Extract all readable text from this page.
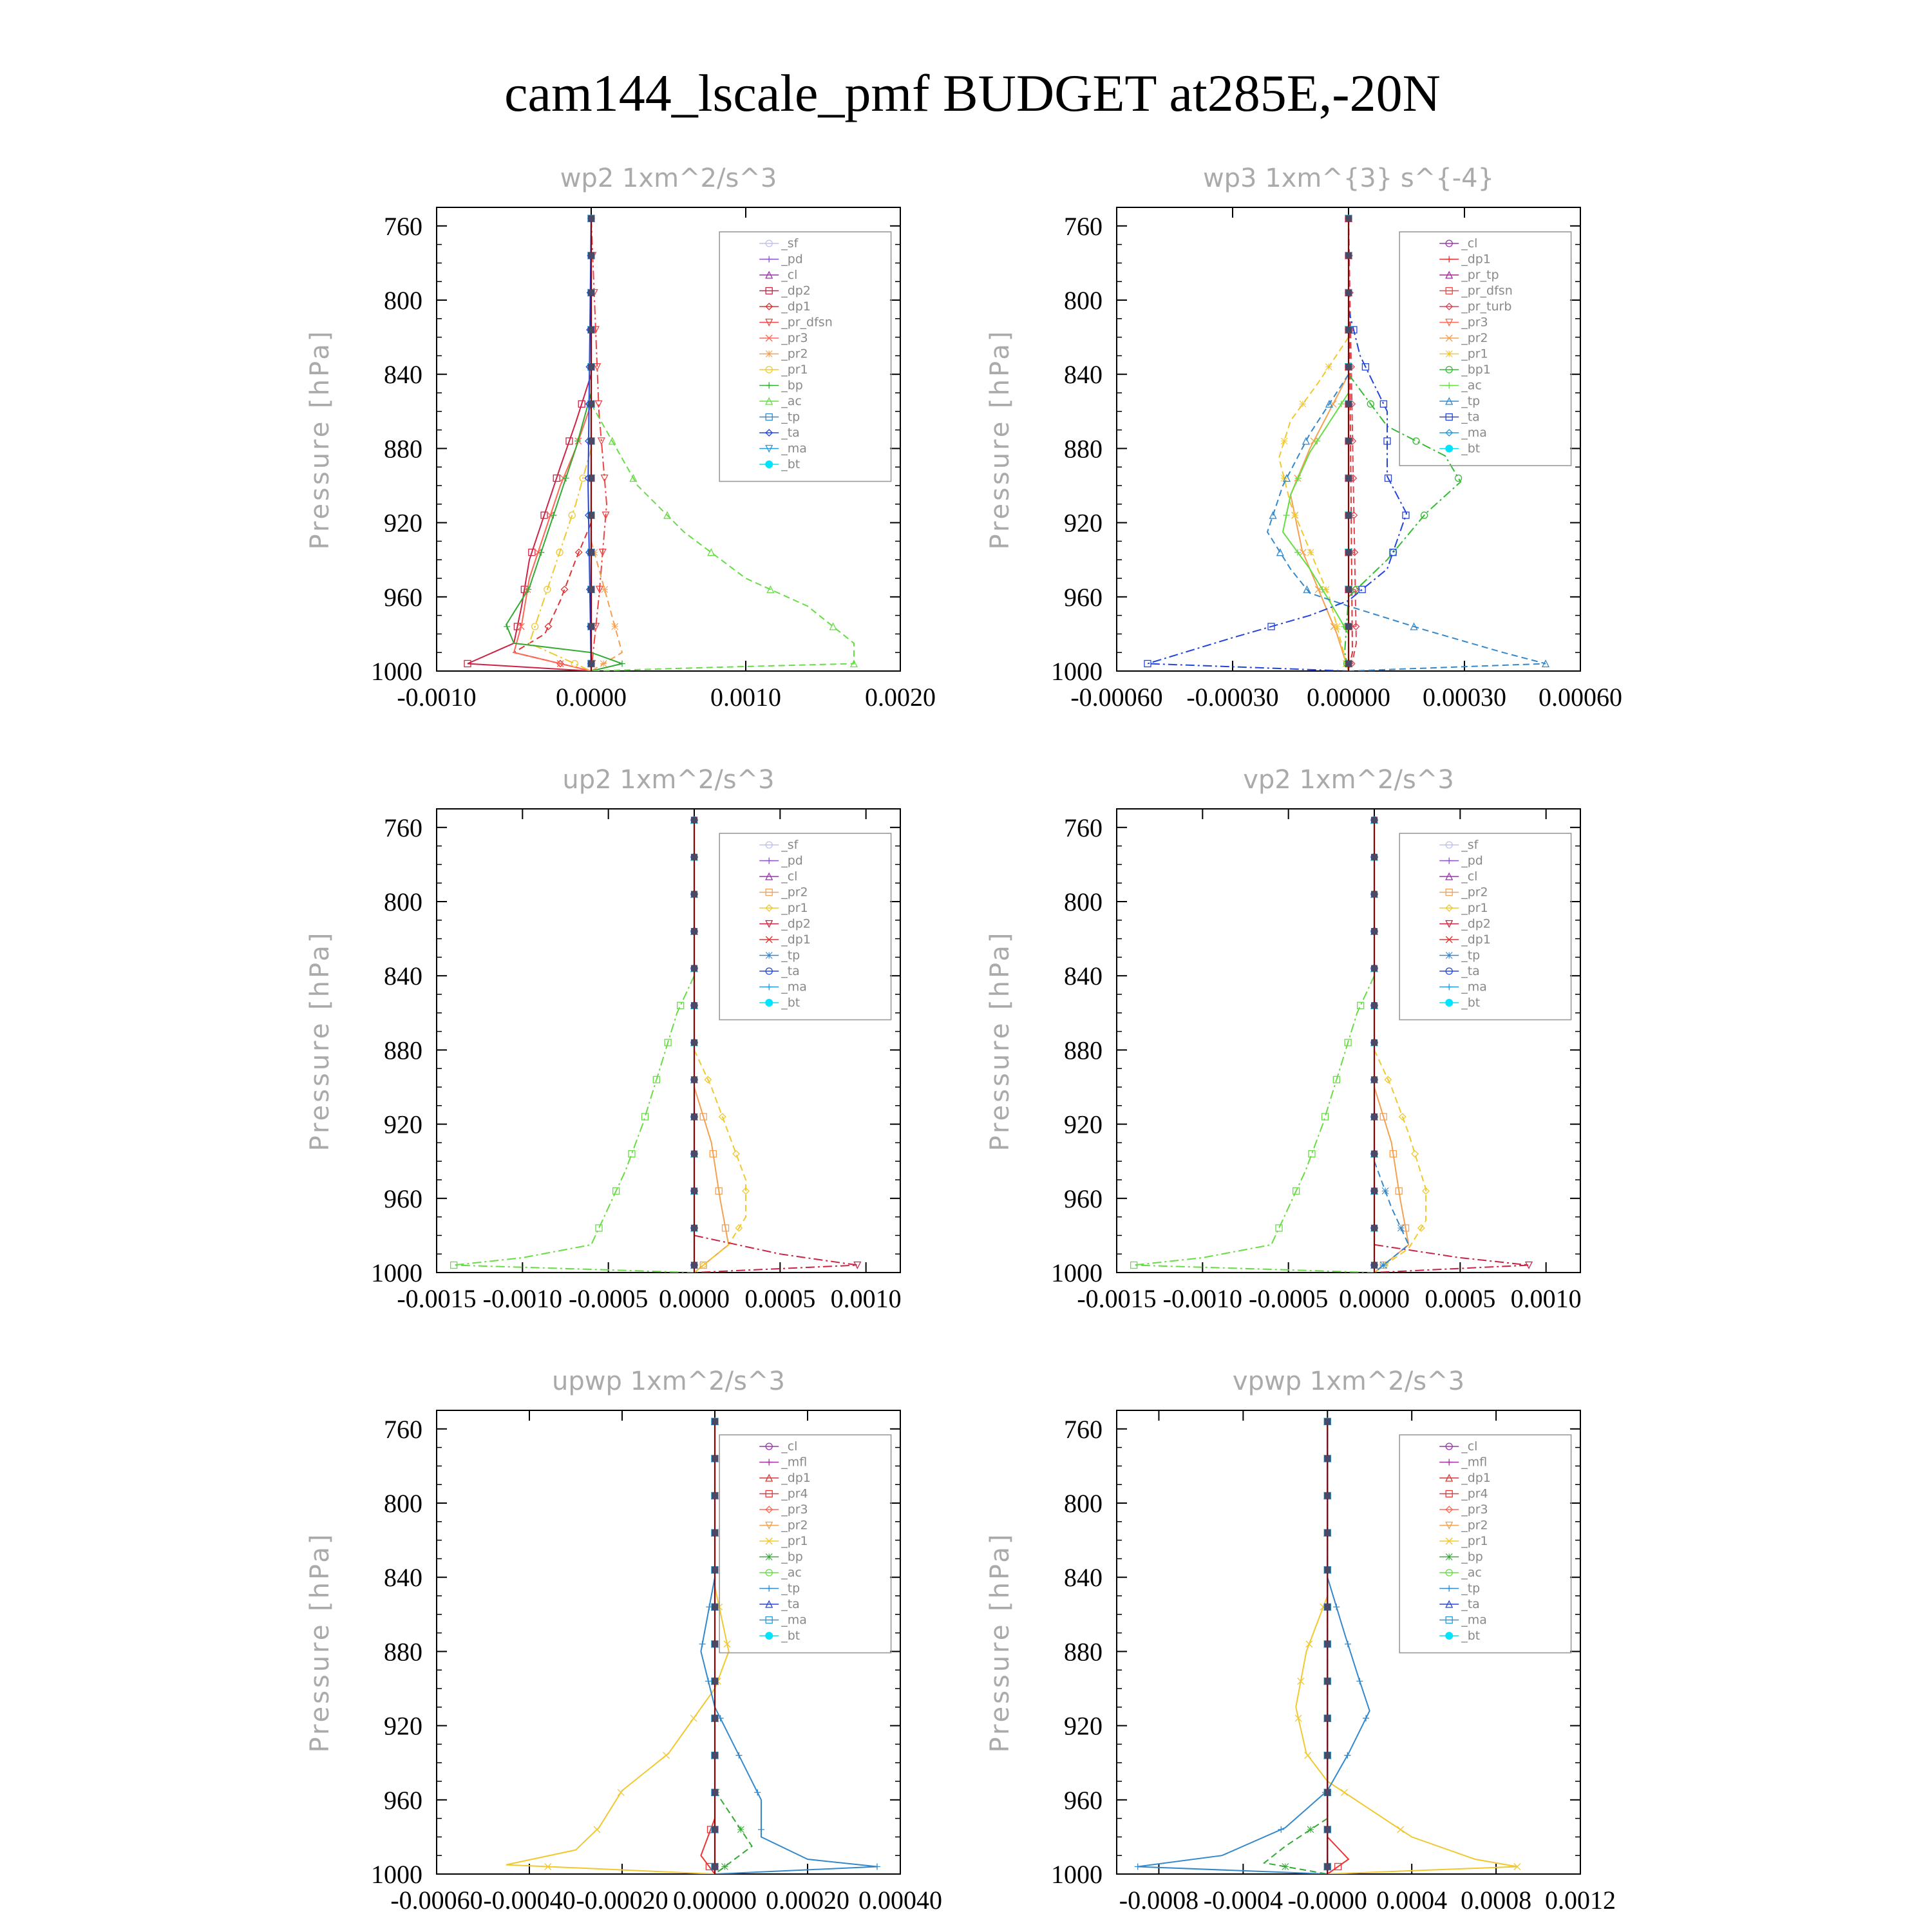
cam144_lscale_pmf BUDGET at285E,-20N
wp2 1xm^2/s^3
Pressure [hPa]
760
800
840
880
920
960
1000
-0.0010	0.0000	0.0010	0.0020
_sf
_pd
_cl
_dp2
_dp1
_pr_dfsn
_pr3
_pr2
_pr1
_bp
_ac
_tp
_ta
_ma
_bt
wp3 1xm^{3} s^{-4}
Pressure [hPa]
760
800
840
880
920
960
1000
-0.00060 -0.00030 0.00000 0.00030 0.00060
_cl
_dp1
_pr_tp
_pr_dfsn
_pr_turb
_pr3
_pr2
_pr1
_bp1
_ac
_tp
_ta
_ma
_bt
up2 1xm^2/s^3
Pressure [hPa]
760
800
840
880
920
960
1000
-0.0015 -0.0010 -0.0005 0.0000 0.0005 0.0010
_sf
_pd
_cl
_pr2
_pr1
_dp2
_dp1
_tp
_ta
_ma
_bt
vp2 1xm^2/s^3
Pressure [hPa]
760
800
840
880
920
960
1000
-0.0015 -0.0010 -0.0005 0.0000 0.0005 0.0010
_sf
_pd
_cl
_pr2
_pr1
_dp2
_dp1
_tp
_ta
_ma
_bt
upwp 1xm^2/s^3
Pressure [hPa]
760
800
840
880
920
960
1000
-0.00060 -0.00040 -0.00020 0.00000 0.00020 0.00040
_cl
_mfl
_dp1
_pr4
_pr3
_pr2
_pr1
_bp
_ac
_tp
_ta
_ma
_bt
vpwp 1xm^2/s^3
Pressure [hPa]
760
800
840
880
920
960
1000
-0.0008 -0.0004 -0.0000 0.0004 0.0008 0.0012
_cl
_mfl
_dp1
_pr4
_pr3
_pr2
_pr1
_bp
_ac
_tp
_ta
_ma
_bt
